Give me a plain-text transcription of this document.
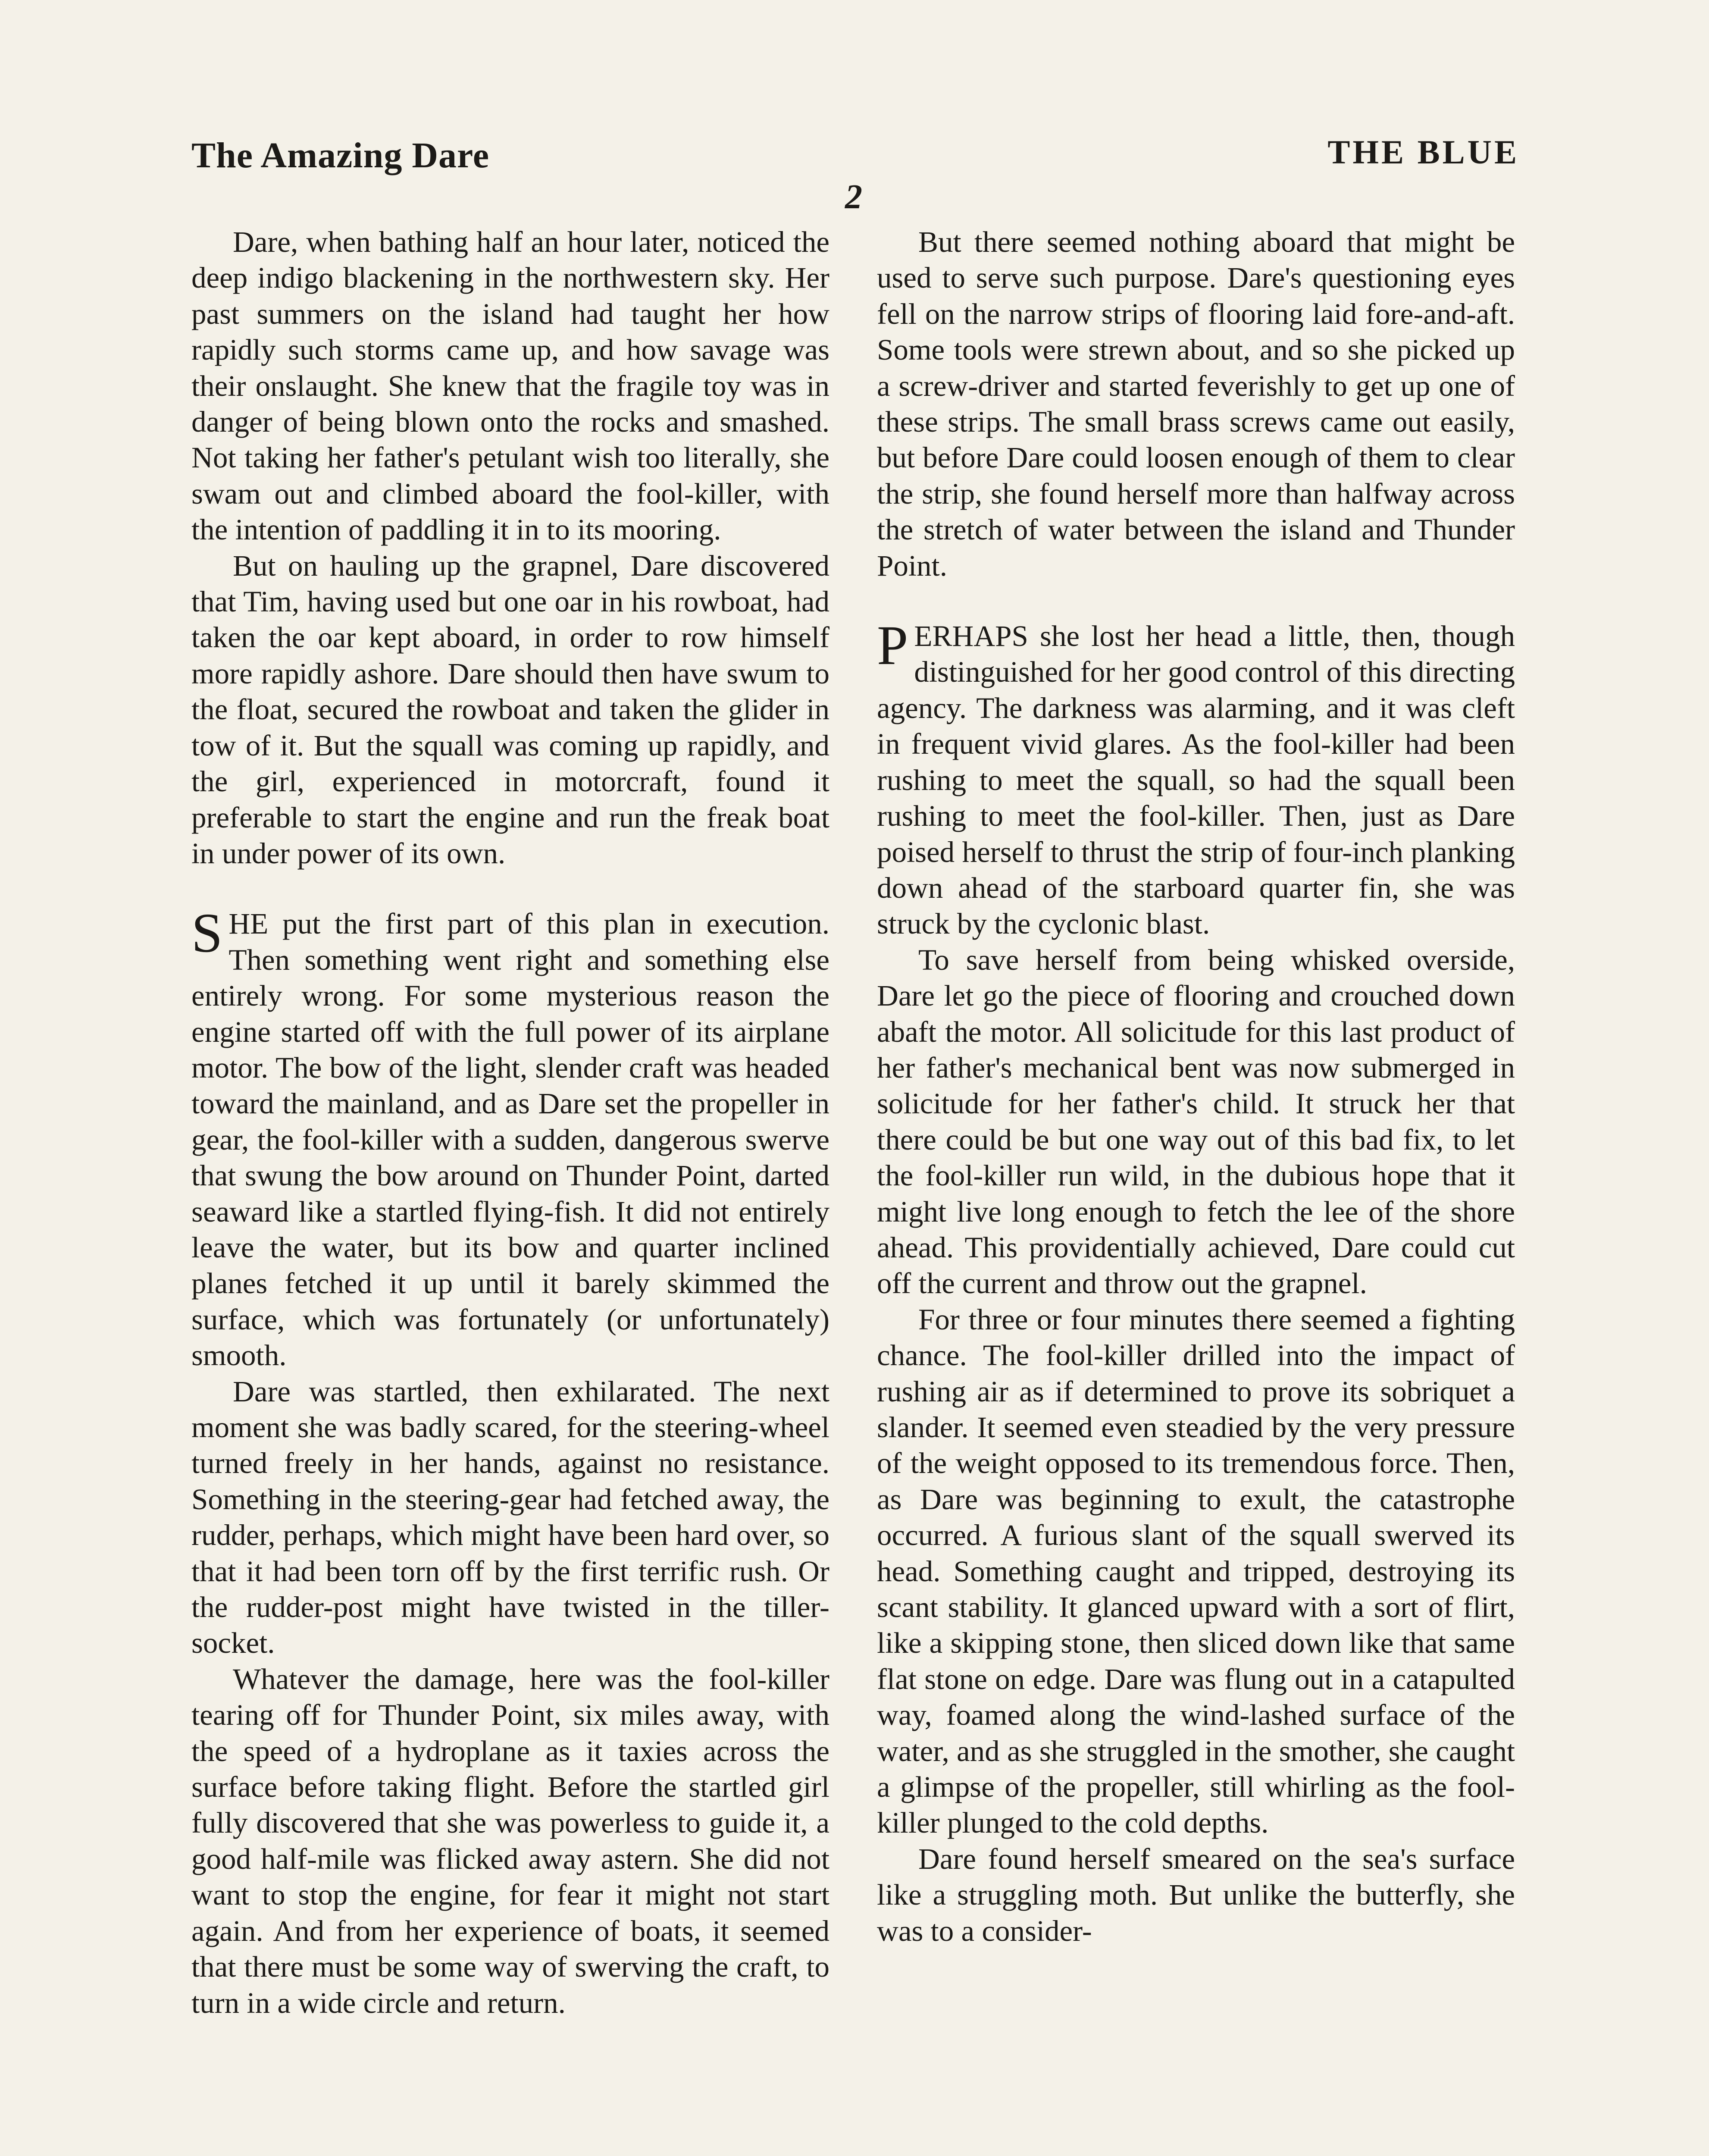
The Amazing Dare	THE BLUE
2

Dare, when bathing half an hour later, noticed the deep indigo blackening in the northwestern sky. Her past summers on the island had taught her how rapidly such storms came up, and how savage was their onslaught. She knew that the fragile toy was in danger of being blown onto the rocks and smashed. Not taking her father's petulant wish too literally, she swam out and climbed aboard the fool-killer, with the intention of paddling it in to its mooring.

But on hauling up the grapnel, Dare discovered that Tim, having used but one oar in his rowboat, had taken the oar kept aboard, in order to row himself more rapidly ashore. Dare should then have swum to the float, secured the rowboat and taken the glider in tow of it. But the squall was coming up rapidly, and the girl, experienced in motorcraft, found it preferable to start the engine and run the freak boat in under power of its own.

SHE put the first part of this plan in execution. Then something went right and something else entirely wrong. For some mysterious reason the engine started off with the full power of its airplane motor. The bow of the light, slender craft was headed toward the mainland, and as Dare set the propeller in gear, the fool-killer with a sudden, dangerous swerve that swung the bow around on Thunder Point, darted seaward like a startled flying-fish. It did not entirely leave the water, but its bow and quarter inclined planes fetched it up until it barely skimmed the surface, which was fortunately (or unfortunately) smooth.

Dare was startled, then exhilarated. The next moment she was badly scared, for the steering-wheel turned freely in her hands, against no resistance. Something in the steering-gear had fetched away, the rudder, perhaps, which might have been hard over, so that it had been torn off by the first terrific rush. Or the rudder-post might have twisted in the tiller-socket.

Whatever the damage, here was the fool-killer tearing off for Thunder Point, six miles away, with the speed of a hydroplane as it taxies across the surface before taking flight. Before the startled girl fully discovered that she was powerless to guide it, a good half-mile was flicked away astern. She did not want to stop the engine, for fear it might not start again. And from her experience of boats, it seemed that there must be some way of swerving the craft, to turn in a wide circle and return.

But there seemed nothing aboard that might be used to serve such purpose. Dare's questioning eyes fell on the narrow strips of flooring laid fore-and-aft. Some tools were strewn about, and so she picked up a screw-driver and started feverishly to get up one of these strips. The small brass screws came out easily, but before Dare could loosen enough of them to clear the strip, she found herself more than halfway across the stretch of water between the island and Thunder Point.

PERHAPS she lost her head a little, then, though distinguished for her good control of this directing agency. The darkness was alarming, and it was cleft in frequent vivid glares. As the fool-killer had been rushing to meet the squall, so had the squall been rushing to meet the fool-killer. Then, just as Dare poised herself to thrust the strip of four-inch planking down ahead of the starboard quarter fin, she was struck by the cyclonic blast.

To save herself from being whisked overside, Dare let go the piece of flooring and crouched down abaft the motor. All solicitude for this last product of her father's mechanical bent was now submerged in solicitude for her father's child. It struck her that there could be but one way out of this bad fix, to let the fool-killer run wild, in the dubious hope that it might live long enough to fetch the lee of the shore ahead. This providentially achieved, Dare could cut off the current and throw out the grapnel.

For three or four minutes there seemed a fighting chance. The fool-killer drilled into the impact of rushing air as if determined to prove its sobriquet a slander. It seemed even steadied by the very pressure of the weight opposed to its tremendous force. Then, as Dare was beginning to exult, the catastrophe occurred. A furious slant of the squall swerved its head. Something caught and tripped, destroying its scant stability. It glanced upward with a sort of flirt, like a skipping stone, then sliced down like that same flat stone on edge. Dare was flung out in a catapulted way, foamed along the wind-lashed surface of the water, and as she struggled in the smother, she caught a glimpse of the propeller, still whirling as the fool-killer plunged to the cold depths.

Dare found herself smeared on the sea's surface like a struggling moth. But unlike the butterfly, she was to a consider-
